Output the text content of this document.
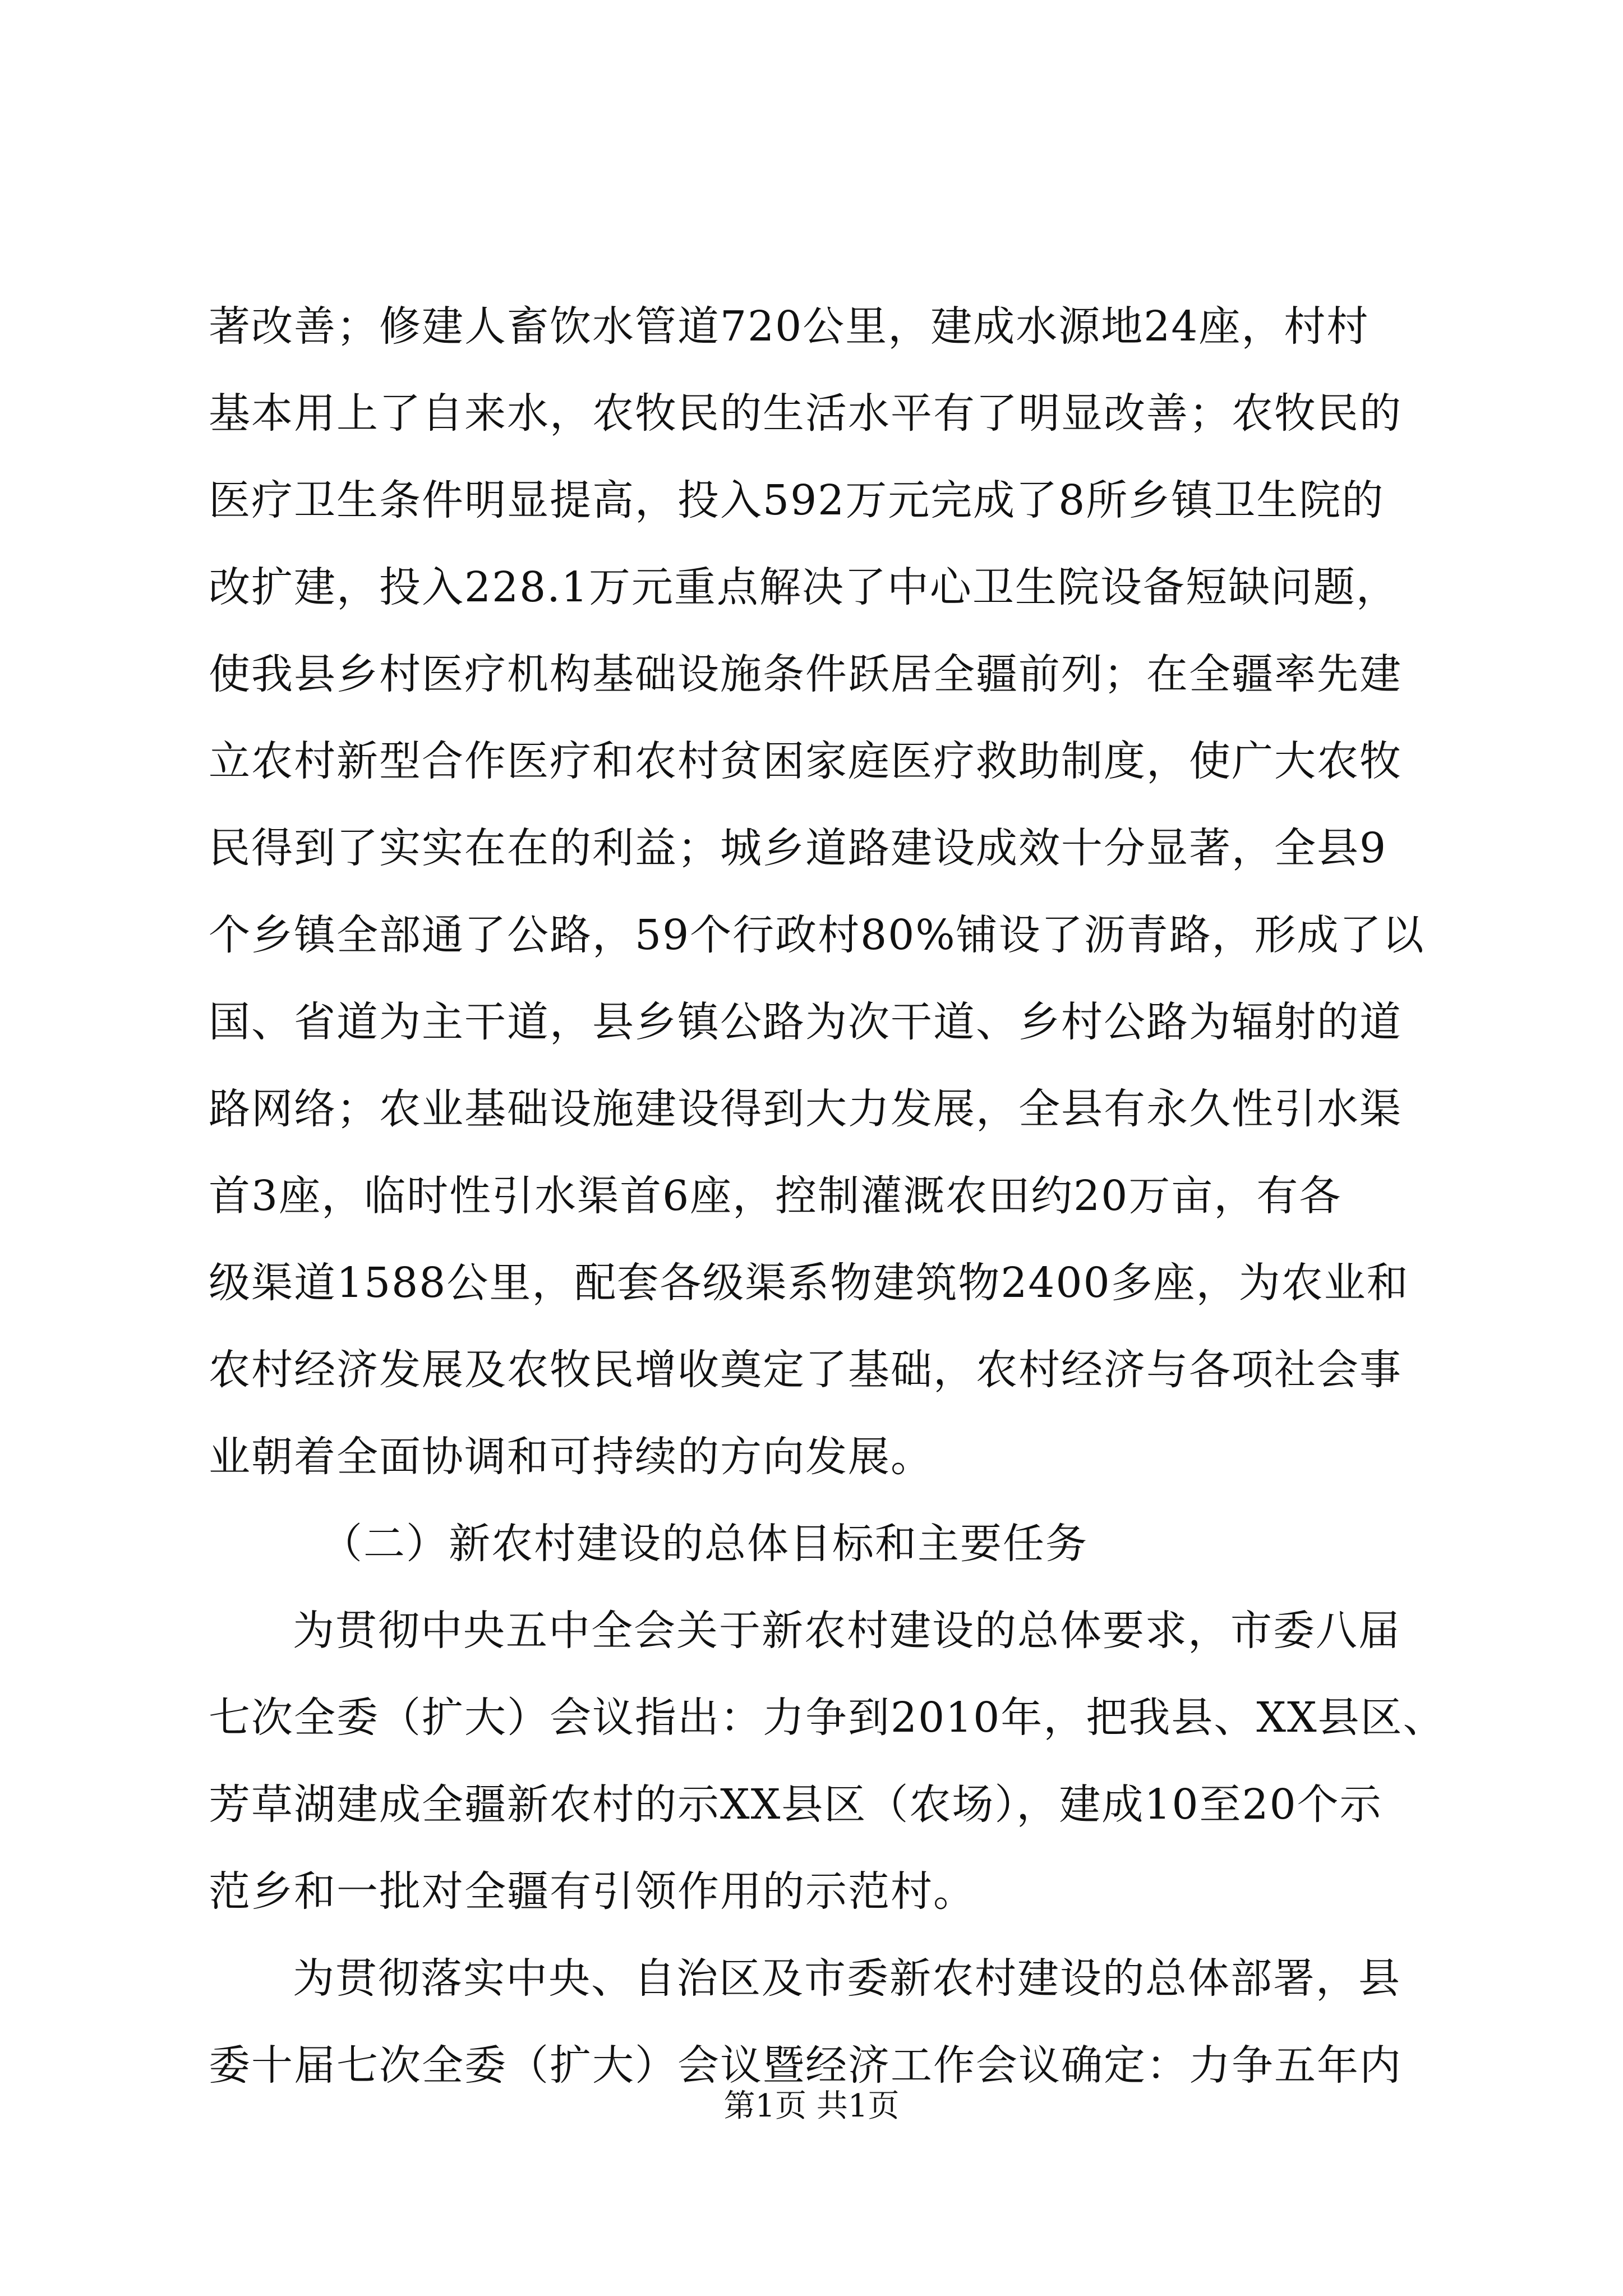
著改善；修建人畜饮水管道720公里，建成水源地24座，村村
基本用上了自来水，农牧民的生活水平有了明显改善；农牧民的
医疗卫生条件明显提高，投入592万元完成了8所乡镇卫生院的
改扩建，投入228.1万元重点解决了中心卫生院设备短缺问题，
使我县乡村医疗机构基础设施条件跃居全疆前列；在全疆率先建
立农村新型合作医疗和农村贫困家庭医疗救助制度，使广大农牧
民得到了实实在在的利益；城乡道路建设成效十分显著，全县9
个乡镇全部通了公路，59个行政村80%铺设了沥青路，形成了以
国、省道为主干道，县乡镇公路为次干道、乡村公路为辐射的道
路网络；农业基础设施建设得到大力发展，全县有永久性引水渠
首3座，临时性引水渠首6座，控制灌溉农田约20万亩，有各
级渠道1588公里，配套各级渠系物建筑物2400多座，为农业和
农村经济发展及农牧民增收奠定了基础，农村经济与各项社会事
业朝着全面协调和可持续的方向发展。
（二）新农村建设的总体目标和主要任务
为贯彻中央五中全会关于新农村建设的总体要求，市委八届
七次全委（扩大）会议指出：力争到2010年，把我县、XX县区、
芳草湖建成全疆新农村的示XX县区（农场），建成10至20个示
范乡和一批对全疆有引领作用的示范村。
为贯彻落实中央、自治区及市委新农村建设的总体部署，县
委十届七次全委（扩大）会议暨经济工作会议确定：力争五年内
第1页 共1页
